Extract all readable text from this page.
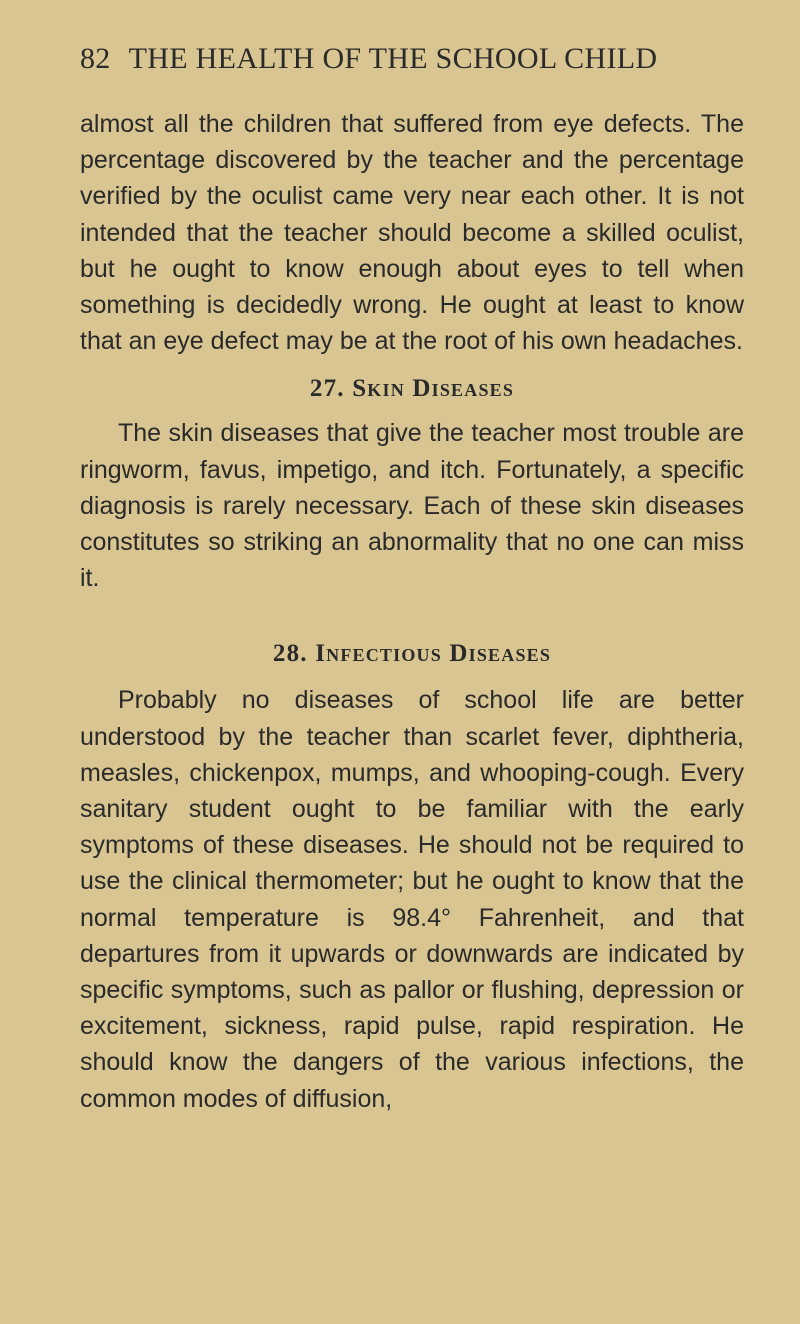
82 THE HEALTH OF THE SCHOOL CHILD

almost all the children that suffered from eye defects. The percentage discovered by the teacher and the percentage verified by the oculist came very near each other. It is not intended that the teacher should become a skilled oculist, but he ought to know enough about eyes to tell when something is decidedly wrong. He ought at least to know that an eye defect may be at the root of his own headaches.

27. Skin Diseases

The skin diseases that give the teacher most trouble are ringworm, favus, impetigo, and itch. Fortunately, a specific diagnosis is rarely necessary. Each of these skin diseases constitutes so striking an abnormality that no one can miss it.

28. Infectious Diseases

Probably no diseases of school life are better understood by the teacher than scarlet fever, diphtheria, measles, chickenpox, mumps, and whooping-cough. Every sanitary student ought to be familiar with the early symptoms of these diseases. He should not be required to use the clinical thermometer; but he ought to know that the normal temperature is 98.4° Fahrenheit, and that departures from it upwards or downwards are indicated by specific symptoms, such as pallor or flushing, depression or excitement, sickness, rapid pulse, rapid respiration. He should know the dangers of the various infections, the common modes of diffusion,
